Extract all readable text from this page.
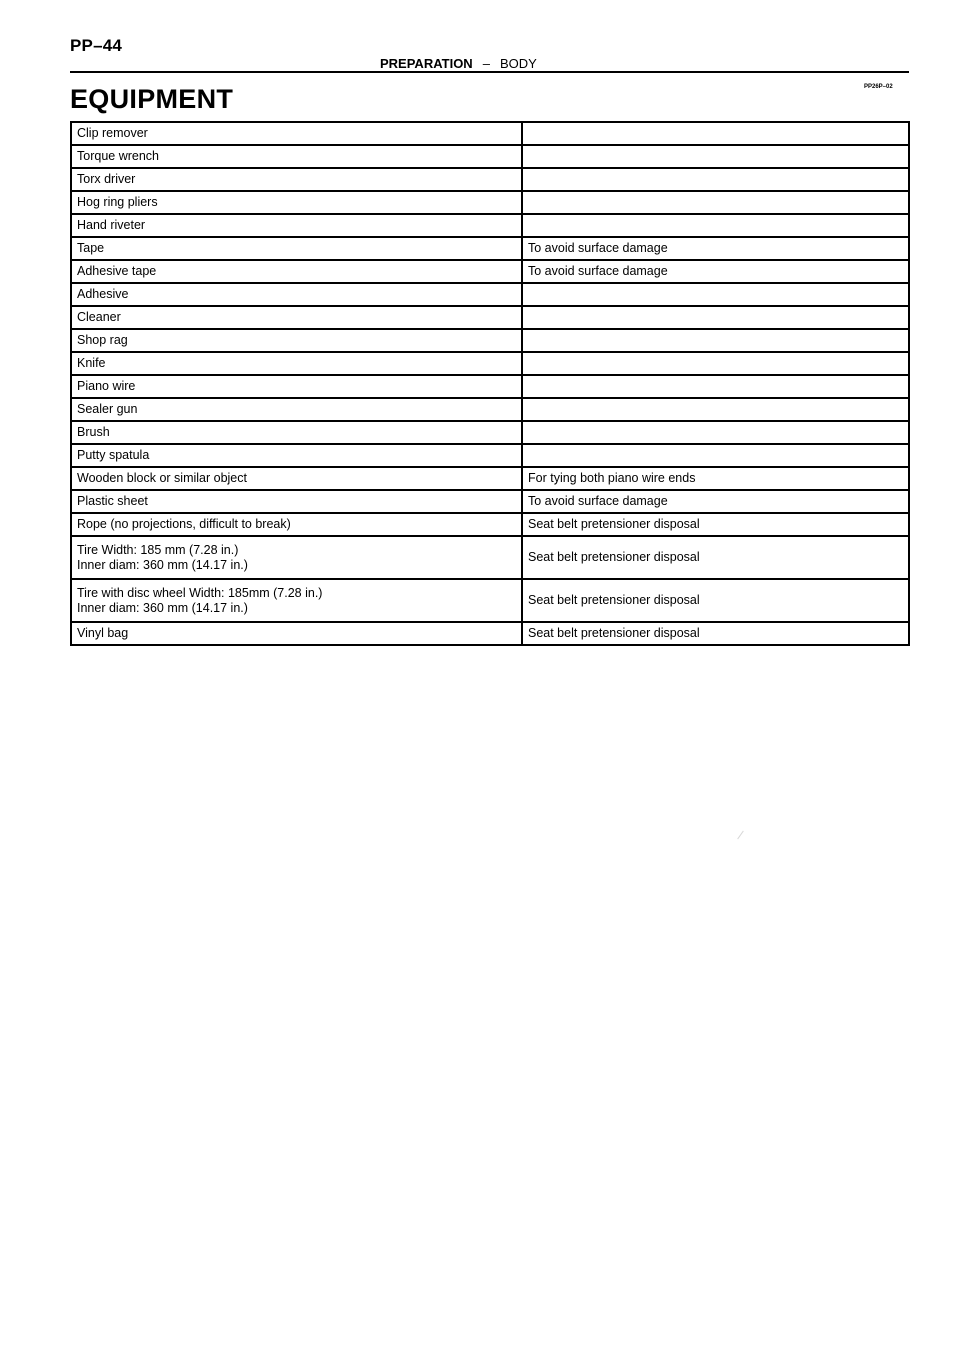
PP–44
PREPARATION – BODY
PP26P–02
EQUIPMENT
Clip remover	
Torque wrench	
Torx driver	
Hog ring pliers	
Hand riveter	
Tape	To avoid surface damage
Adhesive tape	To avoid surface damage
Adhesive	
Cleaner	
Shop rag	
Knife	
Piano wire	
Sealer gun	
Brush	
Putty spatula	
Wooden block or similar object	For tying both piano wire ends
Plastic sheet	To avoid surface damage
Rope (no projections, difficult to break)	Seat belt pretensioner disposal

Tire Width: 185 mm (7.28 in.)
Inner diam: 360 mm (14.17 in.)	Seat belt pretensioner disposal

Tire with disc wheel Width: 185mm (7.28 in.)
Inner diam: 360 mm (14.17 in.)	Seat belt pretensioner disposal
Vinyl bag	Seat belt pretensioner disposal
